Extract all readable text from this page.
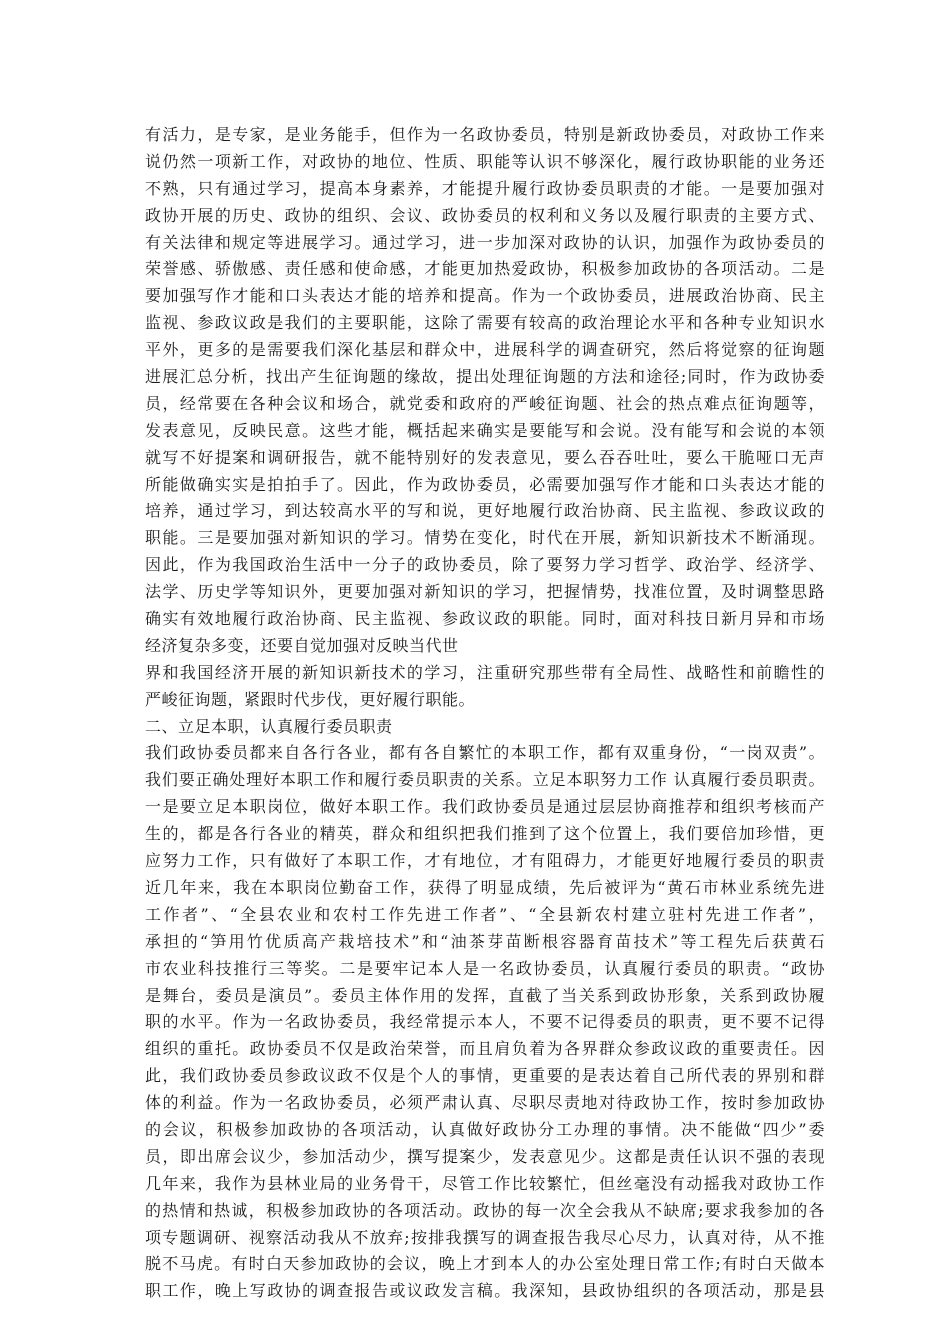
有活力，是专家，是业务能手，但作为一名政协委员，特别是新政协委员，对政协工作来
说仍然一项新工作，对政协的地位、性质、职能等认识不够深化，履行政协职能的业务还
不熟，只有通过学习，提高本身素养，才能提升履行政协委员职责的才能。一是要加强对
政协开展的历史、政协的组织、会议、政协委员的权利和义务以及履行职责的主要方式、
有关法律和规定等进展学习。通过学习，进一步加深对政协的认识，加强作为政协委员的
荣誉感、骄傲感、责任感和使命感，才能更加热爱政协，积极参加政协的各项活动。二是
要加强写作才能和口头表达才能的培养和提高。作为一个政协委员，进展政治协商、民主
监视、参政议政是我们的主要职能，这除了需要有较高的政治理论水平和各种专业知识水
平外，更多的是需要我们深化基层和群众中，进展科学的调查研究，然后将觉察的征询题
进展汇总分析，找出产生征询题的缘故，提出处理征询题的方法和途径;同时，作为政协委
员，经常要在各种会议和场合，就党委和政府的严峻征询题、社会的热点难点征询题等，
发表意见，反映民意。这些才能，概括起来确实是要能写和会说。没有能写和会说的本领
就写不好提案和调研报告，就不能特别好的发表意见，要么吞吞吐吐，要么干脆哑口无声
所能做确实实是拍拍手了。因此，作为政协委员，必需要加强写作才能和口头表达才能的
培养，通过学习，到达较高水平的写和说，更好地履行政治协商、民主监视、参政议政的
职能。三是要加强对新知识的学习。情势在变化，时代在开展，新知识新技术不断涌现。
因此，作为我国政治生活中一分子的政协委员，除了要努力学习哲学、政治学、经济学、
法学、历史学等知识外，更要加强对新知识的学习，把握情势，找准位置，及时调整思路
确实有效地履行政治协商、民主监视、参政议政的职能。同时，面对科技日新月异和市场
经济复杂多变，还要自觉加强对反映当代世
界和我国经济开展的新知识新技术的学习，注重研究那些带有全局性、战略性和前瞻性的
严峻征询题，紧跟时代步伐，更好履行职能。
二、立足本职，认真履行委员职责
我们政协委员都来自各行各业，都有各自繁忙的本职工作，都有双重身份，“一岗双责”。
我们要正确处理好本职工作和履行委员职责的关系。立足本职努力工作 认真履行委员职责。
一是要立足本职岗位，做好本职工作。我们政协委员是通过层层协商推荐和组织考核而产
生的，都是各行各业的精英，群众和组织把我们推到了这个位置上，我们要倍加珍惜，更
应努力工作，只有做好了本职工作，才有地位，才有阻碍力，才能更好地履行委员的职责
近几年来，我在本职岗位勤奋工作，获得了明显成绩，先后被评为“黄石市林业系统先进
工作者”、“全县农业和农村工作先进工作者”、“全县新农村建立驻村先进工作者”，
承担的“笋用竹优质高产栽培技术”和“油茶芽苗断根容器育苗技术”等工程先后获黄石
市农业科技推行三等奖。二是要牢记本人是一名政协委员，认真履行委员的职责。“政协
是舞台，委员是演员”。委员主体作用的发挥，直截了当关系到政协形象，关系到政协履
职的水平。作为一名政协委员，我经常提示本人，不要不记得委员的职责，更不要不记得
组织的重托。政协委员不仅是政治荣誉，而且肩负着为各界群众参政议政的重要责任。因
此，我们政协委员参政议政不仅是个人的事情，更重要的是表达着自己所代表的界别和群
体的利益。作为一名政协委员，必须严肃认真、尽职尽责地对待政协工作，按时参加政协
的会议，积极参加政协的各项活动，认真做好政协分工办理的事情。决不能做“四少”委
员，即出席会议少，参加活动少，撰写提案少，发表意见少。这都是责任认识不强的表现
几年来，我作为县林业局的业务骨干，尽管工作比较繁忙，但丝毫没有动摇我对政协工作
的热情和热诚，积极参加政协的各项活动。政协的每一次全会我从不缺席;要求我参加的各
项专题调研、视察活动我从不放弃;按排我撰写的调查报告我尽心尽力，认真对待，从不推
脱不马虎。有时白天参加政协的会议，晚上才到本人的办公室处理日常工作;有时白天做本
职工作，晚上写政协的调查报告或议政发言稿。我深知，县政协组织的各项活动，那是县
